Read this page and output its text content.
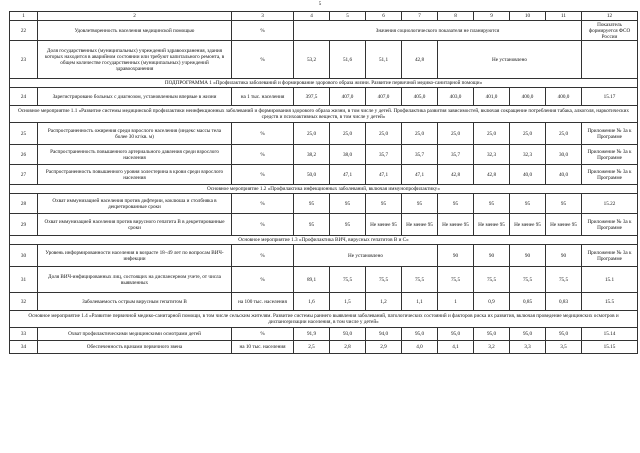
5
1	2	3	4	5	6	7	8	9	10	11	12
22	Удовлетворенность населения медицинской помощью	%	Значения социологического показателя не планируются								Показатель формируется ФСО России
23	Доля государственных (муниципальных) учреждений здравоохранения, здания которых находится в аварийном состоянии или требуют капитального ремонта, в общем количестве государственных (муниципальных) учреждений здравоохранения	%	53,2	51,6	51,1	42,8	Не установлено				
ПОДПРОГРАММА 1 «Профилактика заболеваний и формирование здорового образа жизни. Развитие первичной медико-санитарной помощи»											
24	Зарегистрировано больных с диагнозом, установленным впервые в жизни	на 1 тыс. населения	397,5	407,0	407,0	405,0	403,0	401,0	400,0	400,0	15.17
Основное мероприятие 1.1 «Развитие системы медицинской профилактики неинфекционных заболеваний и формирования здорового образа жизни, в том числе у детей. Профилактика развития зависимостей, включая сокращение потребления табака, алкоголя, наркотических средств и психоактивных веществ, в том числе у детей»											
25	Распространенность ожирения среди взрослого населения (индекс массы тела более 30 кг/кв. м)	%	25,0	25,0	25,0	25,0	25,0	25,0	25,0	25,0	Приложение № 3а к Программе
26	Распространенность повышенного артериального давления среди взрослого населения	%	38,2	38,0	35,7	35,7	35,7	32,3	32,3	30,0	Приложение № 3а к Программе
27	Распространенность повышенного уровня холестерина в крови среди взрослого населения	%	50,0	47,1	47,1	47,1	42,8	42,8	40,0	40,0	Приложение № 3а к Программе
Основное мероприятие 1.2 «Профилактика инфекционных заболеваний, включая иммунопрофилактику»											
28	Охват иммунизацией населения против дифтерии, коклюша и столбняка в декретированные сроки	%	95	95	95	95	95	95	95	95	15.22
29	Охват иммунизацией населения против вирусного гепатита В в декретированные сроки	%	95	95	Не менее 95	Не менее 95	Не менее 95	Не менее 95	Не менее 95	Не менее 95	Приложение № 3а к Программе
Основное мероприятие 1.3 «Профилактика ВИЧ, вирусных гепатитов В и С»											
30	Уровень информированности населения в возрасте 18–49 лет по вопросам ВИЧ-инфекции	%	Не установлено				90	90	90	90	Приложение № 3а к Программе
31	Доля ВИЧ-инфицированных лиц, состоящих на диспансерном учете, от числа выявленных	%	89,1	75,5	75,5	75,5	75,5	75,5	75,5	75,5	15.1
32	Заболеваемость острым вирусным гепатитом В	на 100 тыс. населения	1,6	1,5	1,2	1,1	1	0,9	0,85	0,83	15.5
Основное мероприятие 1.4 «Развитие первичной медико-санитарной помощи, в том числе сельским жителям. Развитие системы раннего выявления заболеваний, патологических состояний и факторов риска их развития, включая проведение медицинских осмотров и диспансеризации населения, в том числе у детей»											
33	Охват профилактическими медицинскими осмотрами детей	%	91,9	93,0	94,0	95,0	95,0	95,0	95,0	95,0	15.14
34	Обеспеченность врачами первичного звена	на 10 тыс. населения	2,5	2,8	2,9	4,0	4,1	3,2	3,3	3,5	15.15
